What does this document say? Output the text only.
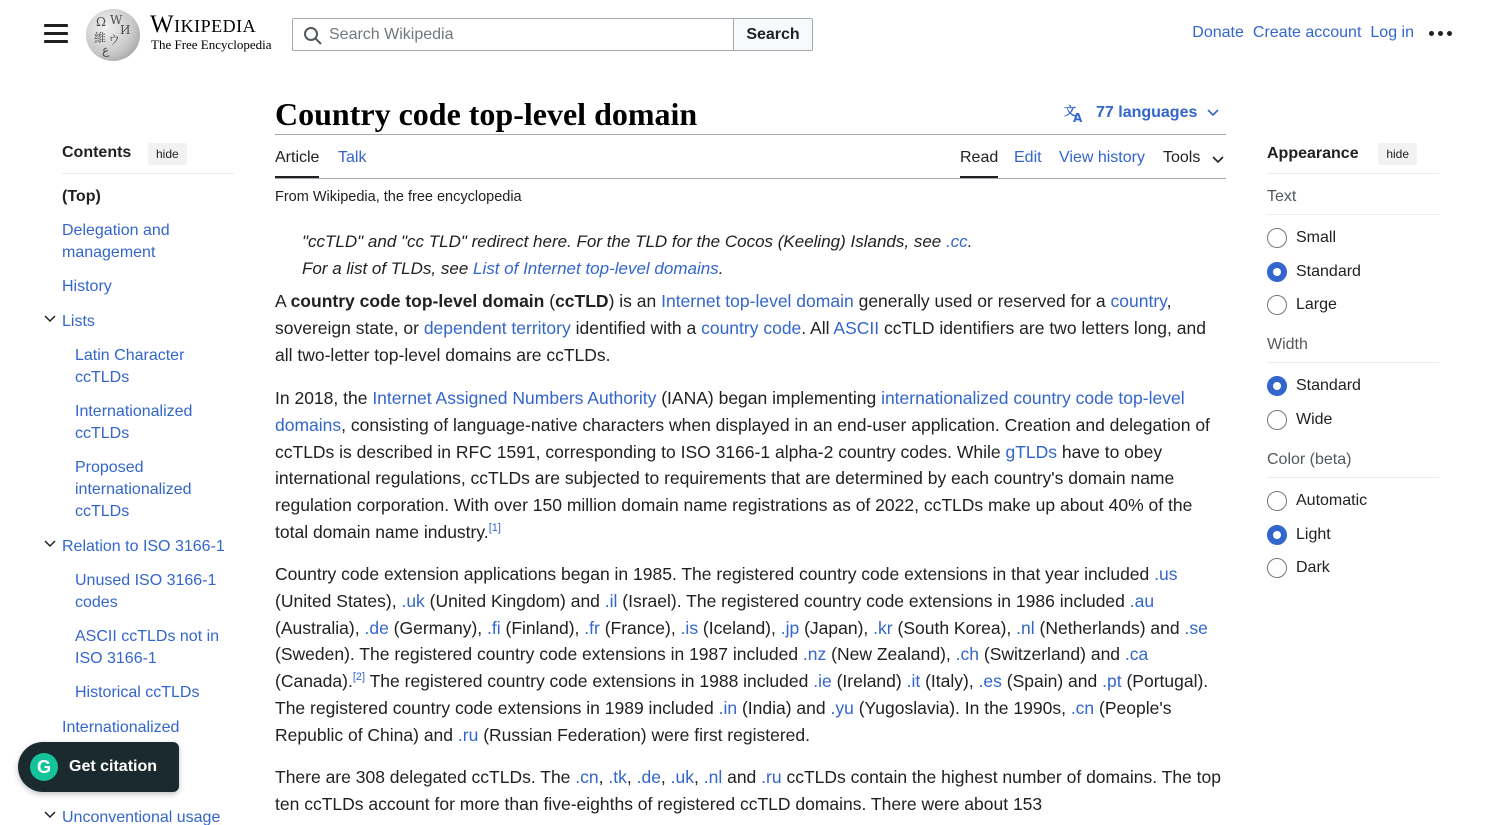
Ω W
И
維 ウ
ع
Wikipedia
The Free Encyclopedia
Search Wikipedia
Search	Donate Create account Log in
Contents	hide
(Top)
Delegation and
management
History
Lists
Latin Character
ccTLDs
Internationalized
ccTLDs
Proposed
internationalized
ccTLDs
Relation to ISO 3166-1
Unused ISO 3166-1
codes
ASCII ccTLDs not in
ISO 3166-1
Historical ccTLDs
Internationalized
Unconventional usage
Country code top-level domain	文
A 77 languages
Article Talk	Read Edit View history Tools
From Wikipedia, the free encyclopedia
"ccTLD" and "cc TLD" redirect here. For the TLD for the Cocos (Keeling) Islands, see .cc.
For a list of TLDs, see List of Internet top-level domains.
A country code top-level domain (ccTLD) is an Internet top-level domain generally used or reserved for a country, sovereign state, or dependent territory identified with a country code. All ASCII ccTLD identifiers are two letters long, and all two-letter top-level domains are ccTLDs.
In 2018, the Internet Assigned Numbers Authority (IANA) began implementing internationalized country code top-level domains, consisting of language-native characters when displayed in an end-user application. Creation and delegation of ccTLDs is described in RFC 1591, corresponding to ISO 3166-1 alpha-2 country codes. While gTLDs have to obey international regulations, ccTLDs are subjected to requirements that are determined by each country's domain name regulation corporation. With over 150 million domain name registrations as of 2022, ccTLDs make up about 40% of the total domain name industry.[1]
Country code extension applications began in 1985. The registered country code extensions in that year included .us (United States), .uk (United Kingdom) and .il (Israel). The registered country code extensions in 1986 included .au (Australia), .de (Germany), .fi (Finland), .fr (France), .is (Iceland), .jp (Japan), .kr (South Korea), .nl (Netherlands) and .se (Sweden). The registered country code extensions in 1987 included .nz (New Zealand), .ch (Switzerland) and .ca (Canada).[2] The registered country code extensions in 1988 included .ie (Ireland) .it (Italy), .es (Spain) and .pt (Portugal). The registered country code extensions in 1989 included .in (India) and .yu (Yugoslavia). In the 1990s, .cn (People's Republic of China) and .ru (Russian Federation) were first registered.
There are 308 delegated ccTLDs. The .cn, .tk, .de, .uk, .nl and .ru ccTLDs contain the highest number of domains. The top ten ccTLDs account for more than five-eighths of registered ccTLD domains. There were about 153
Appearance	hide
Text
Small
Standard
Large
Width
Standard
Wide
Color (beta)
Automatic
Light
Dark
G	Get citation
